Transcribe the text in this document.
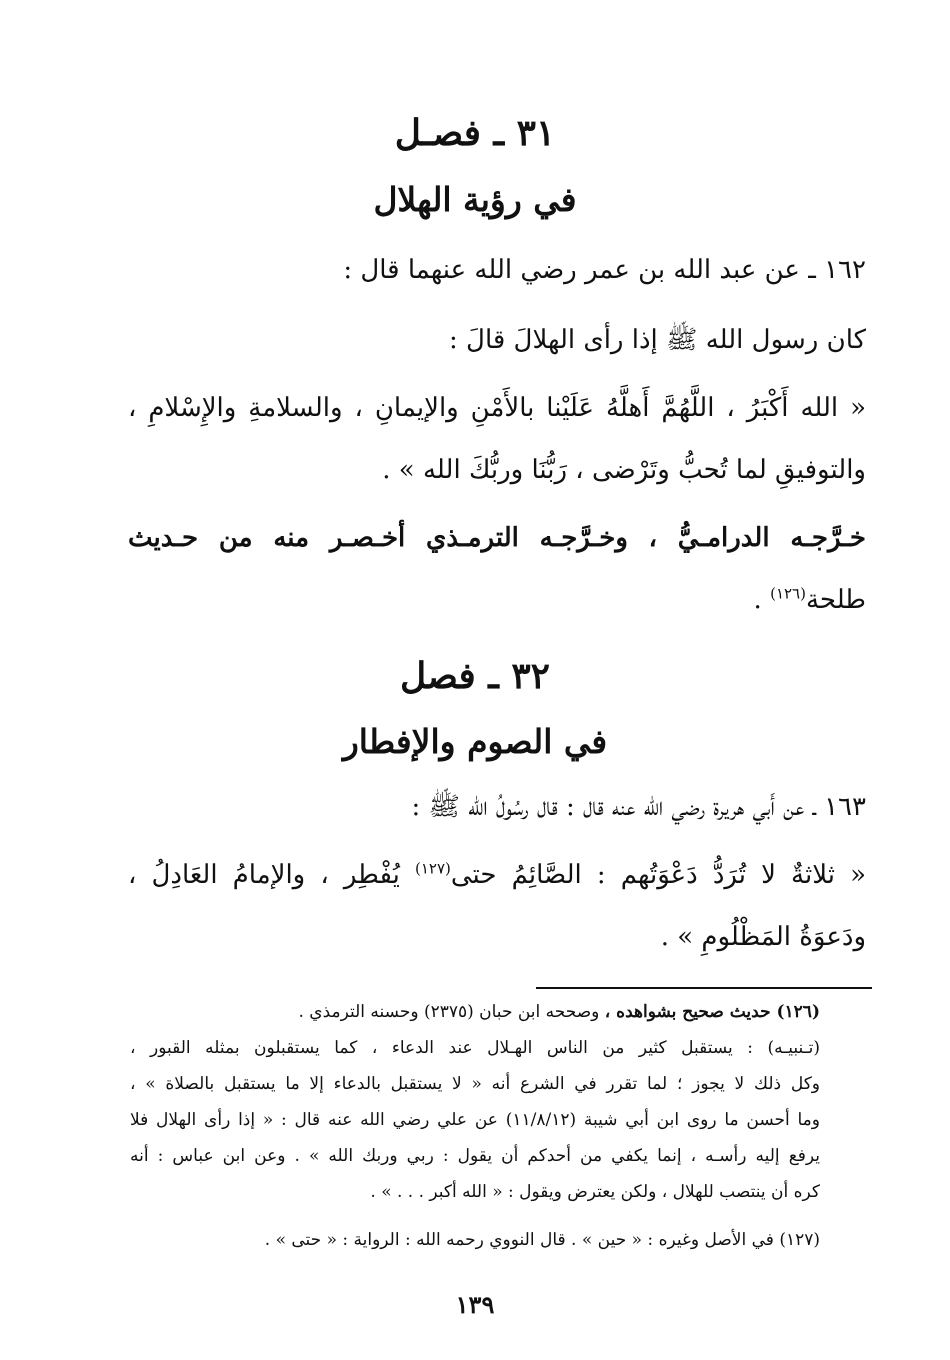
٣١ ـ فصـل
في رؤية الهلال
١٦٢ ـ عن عبد الله بن عمر رضي الله عنهما قال :
كان رسول الله ﷺ إذا رأى الهلالَ قالَ :
« الله أَكْبَرُ ، اللَّهُمَّ أَهلَّهُ عَلَيْنا بالأَمْنِ والإيمانِ ، والسلامةِ والإِسْلامِ ،
والتوفيقِ لما تُحبُّ وتَرْضى ، رَبُّنَا وربُّكَ الله » .
خـرَّجـه الدرامـيُّ ، وخـرَّجـه الترمـذي أخـصـر منه من حـديث
طلحة$^{(١٢٦)}$ .
٣٢ ـ فصل
في الصوم والإفطار
١٦٣ ـ عن أَبي هريرة رضي الله عنه قال : قال رسُولُ الله ﷺ :
« ثلاثةٌ لا تُرَدُّ دَعْوَتُهم : الصَّائِمُ حتى$^{(١٢٧)}$ يُفْطِر ، والإمامُ العَادِلُ ،
ودَعوَةُ المَظْلُومِ » .
(١٢٦) حديث صحيح بشواهده ، وصححه ابن حبان (٢٣٧٥) وحسنه الترمذي .
(تـنبيـه) : يستقبل كثير من الناس الهـلال عند الدعاء ، كما يستقبلون بمثله القبور ،
وكل ذلك لا يجوز ؛ لما تقرر في الشرع أنه « لا يستقبل بالدعاء إلا ما يستقبل بالصلاة » ،
وما أحسن ما روى ابن أبي شيبة (١١/٨/١٢) عن علي رضي الله عنه قال : « إذا رأى الهلال فلا
يرفع إليه رأسـه ، إنما يكفي من أحدكم أن يقول : ربي وربك الله » . وعن ابن عباس : أنه
كره أن ينتصب للهلال ، ولكن يعترض ويقول : « الله أكبر . . . » .
(١٢٧) في الأصل وغيره : « حين » . قال النووي رحمه الله : الرواية : « حتى » .
١٣٩
